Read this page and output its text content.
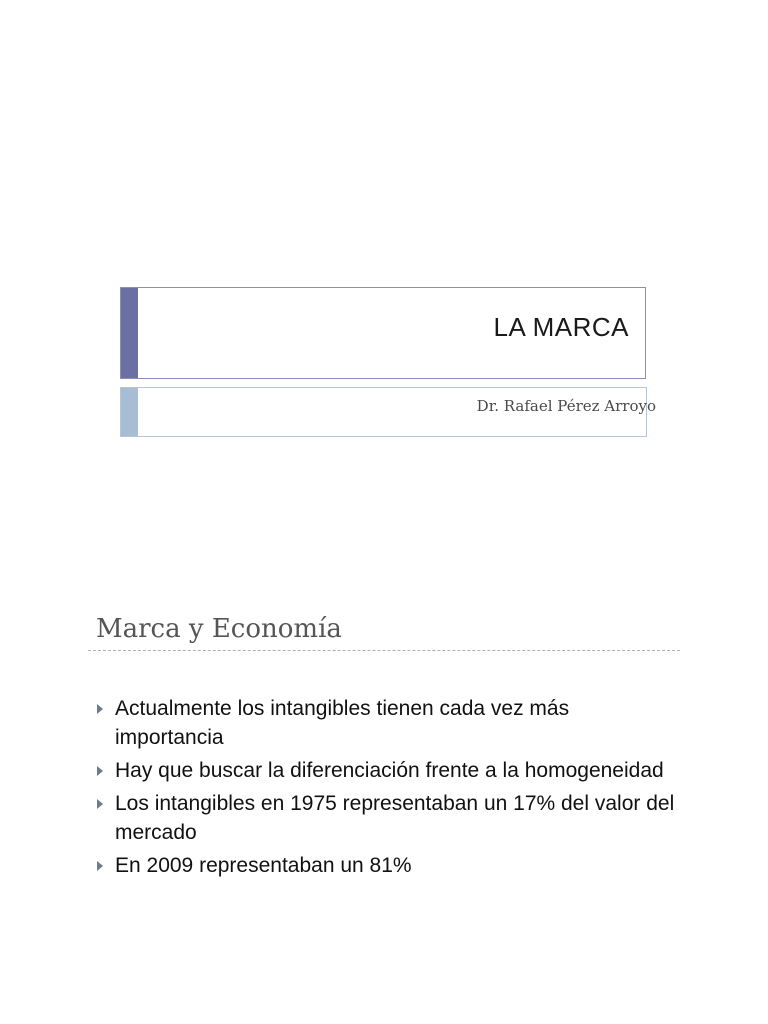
LA MARCA
Dr. Rafael Pérez Arroyo
Marca y Economía
Actualmente los intangibles tienen cada vez más importancia
Hay que buscar la diferenciación frente a la homogeneidad
Los intangibles en 1975 representaban un 17% del valor del mercado
En 2009 representaban un 81%
